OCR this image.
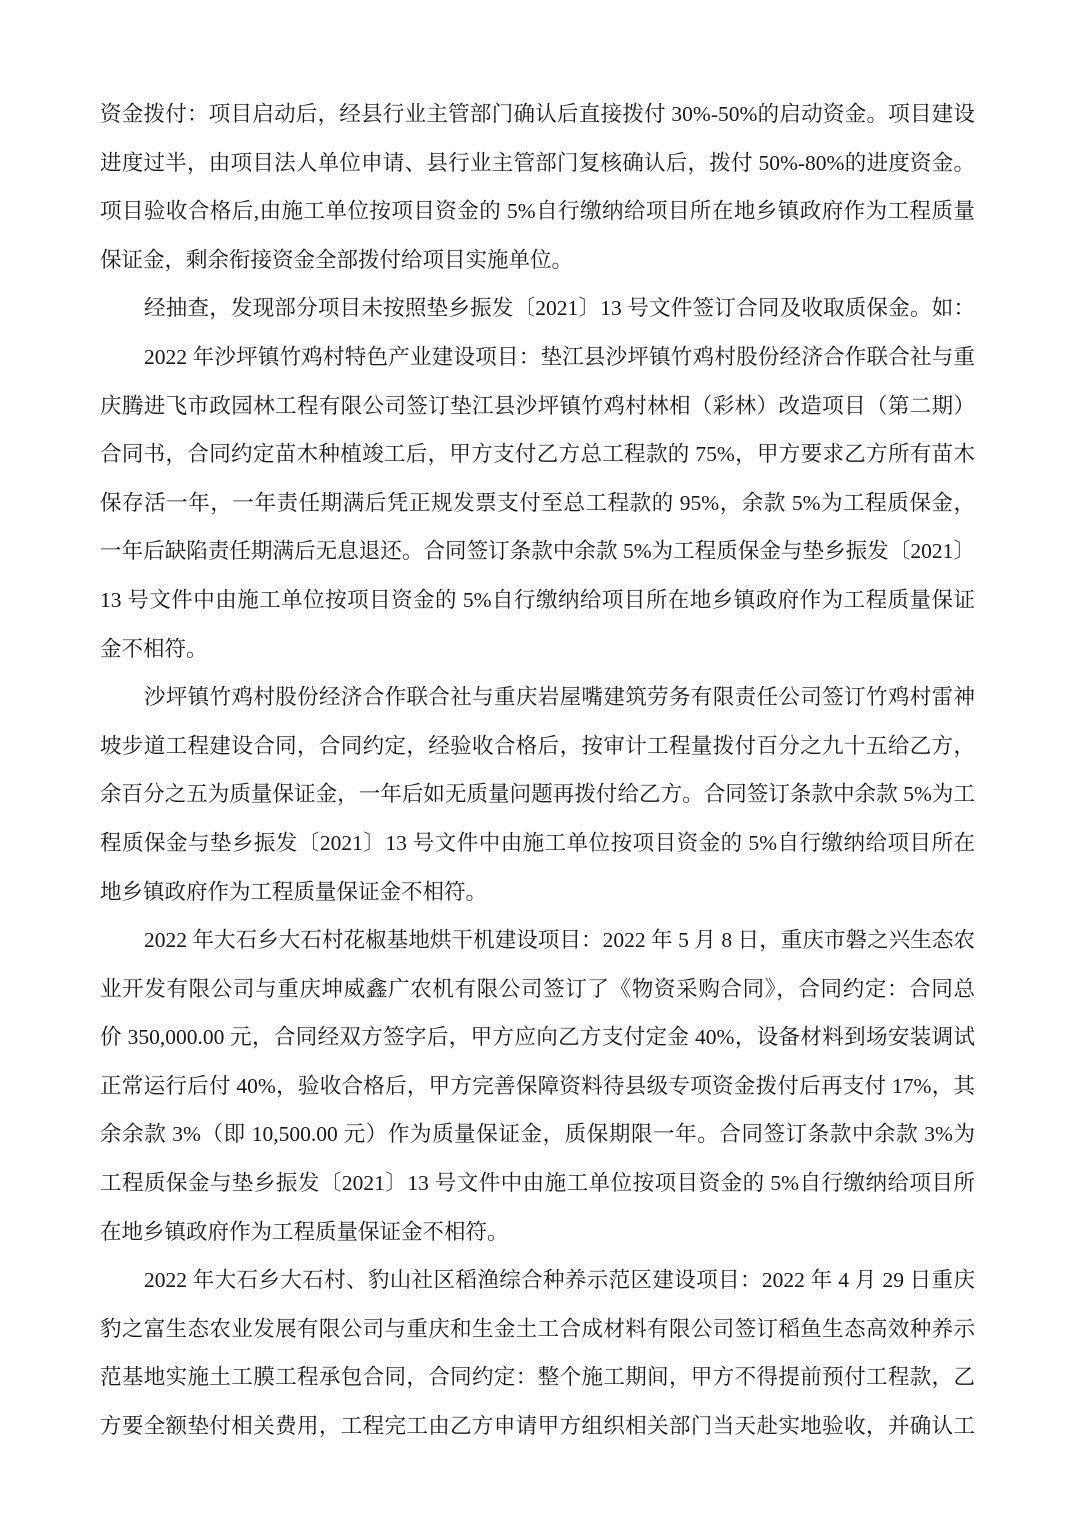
资金拨付：项目启动后，经县行业主管部门确认后直接拨付 30%-50%的启动资金。项目建设
进度过半，由项目法人单位申请、县行业主管部门复核确认后，拨付 50%-80%的进度资金。
项目验收合格后,由施工单位按项目资金的 5%自行缴纳给项目所在地乡镇政府作为工程质量
保证金，剩余衔接资金全部拨付给项目实施单位。
经抽查，发现部分项目未按照垫乡振发〔2021〕13 号文件签订合同及收取质保金。如：
2022 年沙坪镇竹鸡村特色产业建设项目：垫江县沙坪镇竹鸡村股份经济合作联合社与重
庆腾进飞市政园林工程有限公司签订垫江县沙坪镇竹鸡村林相（彩林）改造项目（第二期）
合同书，合同约定苗木种植竣工后，甲方支付乙方总工程款的 75%，甲方要求乙方所有苗木
保存活一年，一年责任期满后凭正规发票支付至总工程款的 95%，余款 5%为工程质保金，
一年后缺陷责任期满后无息退还。合同签订条款中余款 5%为工程质保金与垫乡振发〔2021〕
13 号文件中由施工单位按项目资金的 5%自行缴纳给项目所在地乡镇政府作为工程质量保证
金不相符。
沙坪镇竹鸡村股份经济合作联合社与重庆岩屋嘴建筑劳务有限责任公司签订竹鸡村雷神
坡步道工程建设合同，合同约定，经验收合格后，按审计工程量拨付百分之九十五给乙方，
余百分之五为质量保证金，一年后如无质量问题再拨付给乙方。合同签订条款中余款 5%为工
程质保金与垫乡振发〔2021〕13 号文件中由施工单位按项目资金的 5%自行缴纳给项目所在
地乡镇政府作为工程质量保证金不相符。
2022 年大石乡大石村花椒基地烘干机建设项目：2022 年 5 月 8 日，重庆市磐之兴生态农
业开发有限公司与重庆坤威鑫广农机有限公司签订了《物资采购合同》，合同约定：合同总
价 350,000.00 元，合同经双方签字后，甲方应向乙方支付定金 40%，设备材料到场安装调试
正常运行后付 40%，验收合格后，甲方完善保障资料待县级专项资金拨付后再支付 17%，其
余余款 3%（即 10,500.00 元）作为质量保证金，质保期限一年。合同签订条款中余款 3%为
工程质保金与垫乡振发〔2021〕13 号文件中由施工单位按项目资金的 5%自行缴纳给项目所
在地乡镇政府作为工程质量保证金不相符。
2022 年大石乡大石村、豹山社区稻渔综合种养示范区建设项目：2022 年 4 月 29 日重庆
豹之富生态农业发展有限公司与重庆和生金土工合成材料有限公司签订稻鱼生态高效种养示
范基地实施土工膜工程承包合同，合同约定：整个施工期间，甲方不得提前预付工程款，乙
方要全额垫付相关费用，工程完工由乙方申请甲方组织相关部门当天赴实地验收，并确认工
